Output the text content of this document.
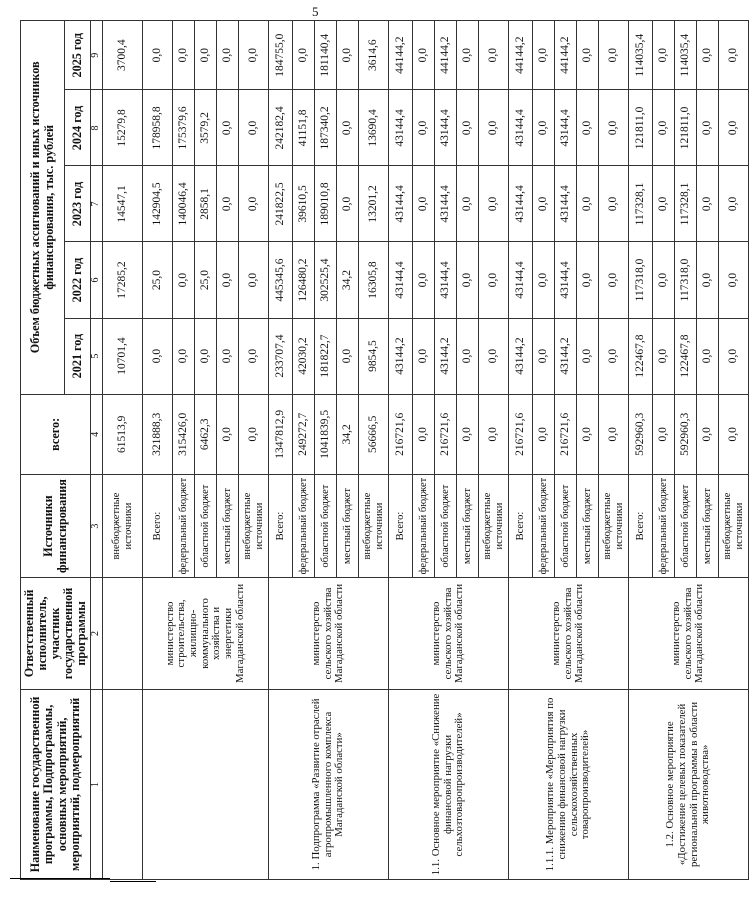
5
Наименование государственной программы, Подпрограммы, основных мероприятий, мероприятий, подмероприятий	Ответственный исполнитель, участник государственной программы	Источники финансирования	всего:	Объем бюджетных ассигнований и иных источников финансирования, тыс. рублей				
				2021 год	2022 год	2023 год	2024 год	2025 год
1	2	3	4	5	6	7	8	9
		внебюджетные источники	61513,9	10701,4	17285,2	14547,1	15279,8	3700,4
	министерство строительства, жилищно-коммунального хозяйства и энергетики Магаданской области	Всего:	321888,3	0,0	25,0	142904,5	178958,8	0,0
		федеральный бюджет	315426,0	0,0	0,0	140046,4	175379,6	0,0
		областной бюджет	6462,3	0,0	25,0	2858,1	3579,2	0,0
		местный бюджет	0,0	0,0	0,0	0,0	0,0	0,0
		внебюджетные источники	0,0	0,0	0,0	0,0	0,0	0,0
1. Подпрограмма «Развитие отраслей агропромышленного комплекса Магаданской области»	министерство сельского хозяйства Магаданской области	Всего:	1347812,9	233707,4	445345,6	241822,5	242182,4	184755,0
		федеральный бюджет	249272,7	42030,2	126480,2	39610,5	41151,8	0,0
		областной бюджет	1041839,5	181822,7	302525,4	189010,8	187340,2	181140,4
		местный бюджет	34,2	0,0	34,2	0,0	0,0	0,0
		внебюджетные источники	56666,5	9854,5	16305,8	13201,2	13690,4	3614,6
1.1. Основное мероприятие «Снижение финансовой нагрузки сельхозтоваропроизводителей»	министерство сельского хозяйства Магаданской области	Всего:	216721,6	43144,2	43144,4	43144,4	43144,4	44144,2
		федеральный бюджет	0,0	0,0	0,0	0,0	0,0	0,0
		областной бюджет	216721,6	43144,2	43144,4	43144,4	43144,4	44144,2
		местный бюджет	0,0	0,0	0,0	0,0	0,0	0,0
		внебюджетные источники	0,0	0,0	0,0	0,0	0,0	0,0
1.1.1. Мероприятие «Мероприятия по снижению финансовой нагрузки сельскохозяйственных товаропроизводителей»	министерство сельского хозяйства Магаданской области	Всего:	216721,6	43144,2	43144,4	43144,4	43144,4	44144,2
		федеральный бюджет	0,0	0,0	0,0	0,0	0,0	0,0
		областной бюджет	216721,6	43144,2	43144,4	43144,4	43144,4	44144,2
		местный бюджет	0,0	0,0	0,0	0,0	0,0	0,0
		внебюджетные источники	0,0	0,0	0,0	0,0	0,0	0,0
1.2. Основное мероприятие «Достижение целевых показателей региональной программы в области животноводства»	министерство сельского хозяйства Магаданской области	Всего:	592960,3	122467,8	117318,0	117328,1	121811,0	114035,4
		федеральный бюджет	0,0	0,0	0,0	0,0	0,0	0,0
		областной бюджет	592960,3	122467,8	117318,0	117328,1	121811,0	114035,4
		местный бюджет	0,0	0,0	0,0	0,0	0,0	0,0
		внебюджетные источники	0,0	0,0	0,0	0,0	0,0	0,0
